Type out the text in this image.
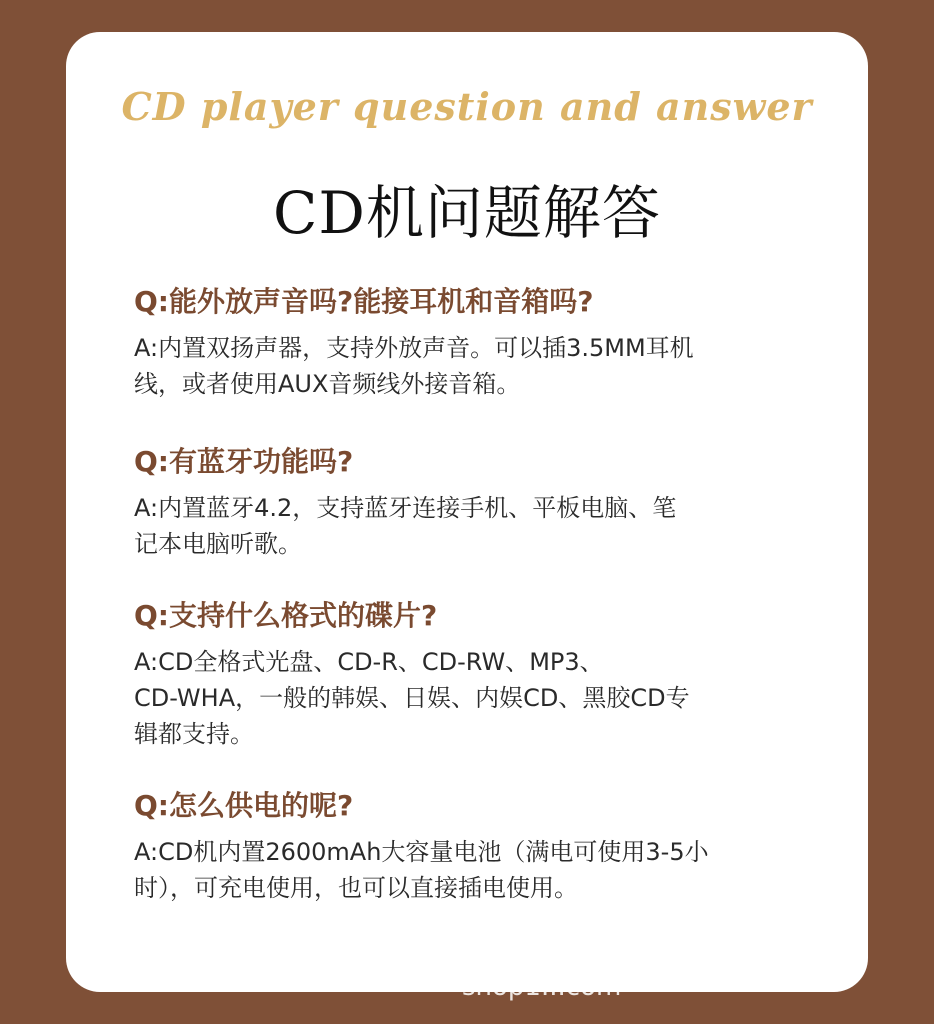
CD player question and answer
CD机问题解答
Q:能外放声音吗?能接耳机和音箱吗?
A:内置双扬声器，支持外放声音。可以插3.5MM耳机
线，或者使用AUX音频线外接音箱。
Q:有蓝牙功能吗?
A:内置蓝牙4.2，支持蓝牙连接手机、平板电脑、笔
记本电脑听歌。
Q:支持什么格式的碟片?
A:CD全格式光盘、CD-R、CD-RW、MP3、
CD-WHA，一般的韩娱、日娱、内娱CD、黑胶CD专
辑都支持。
Q:怎么供电的呢?
A:CD机内置2600mAh大容量电池（满电可使用3-5小
时），可充电使用，也可以直接插电使用。
shop1...com
